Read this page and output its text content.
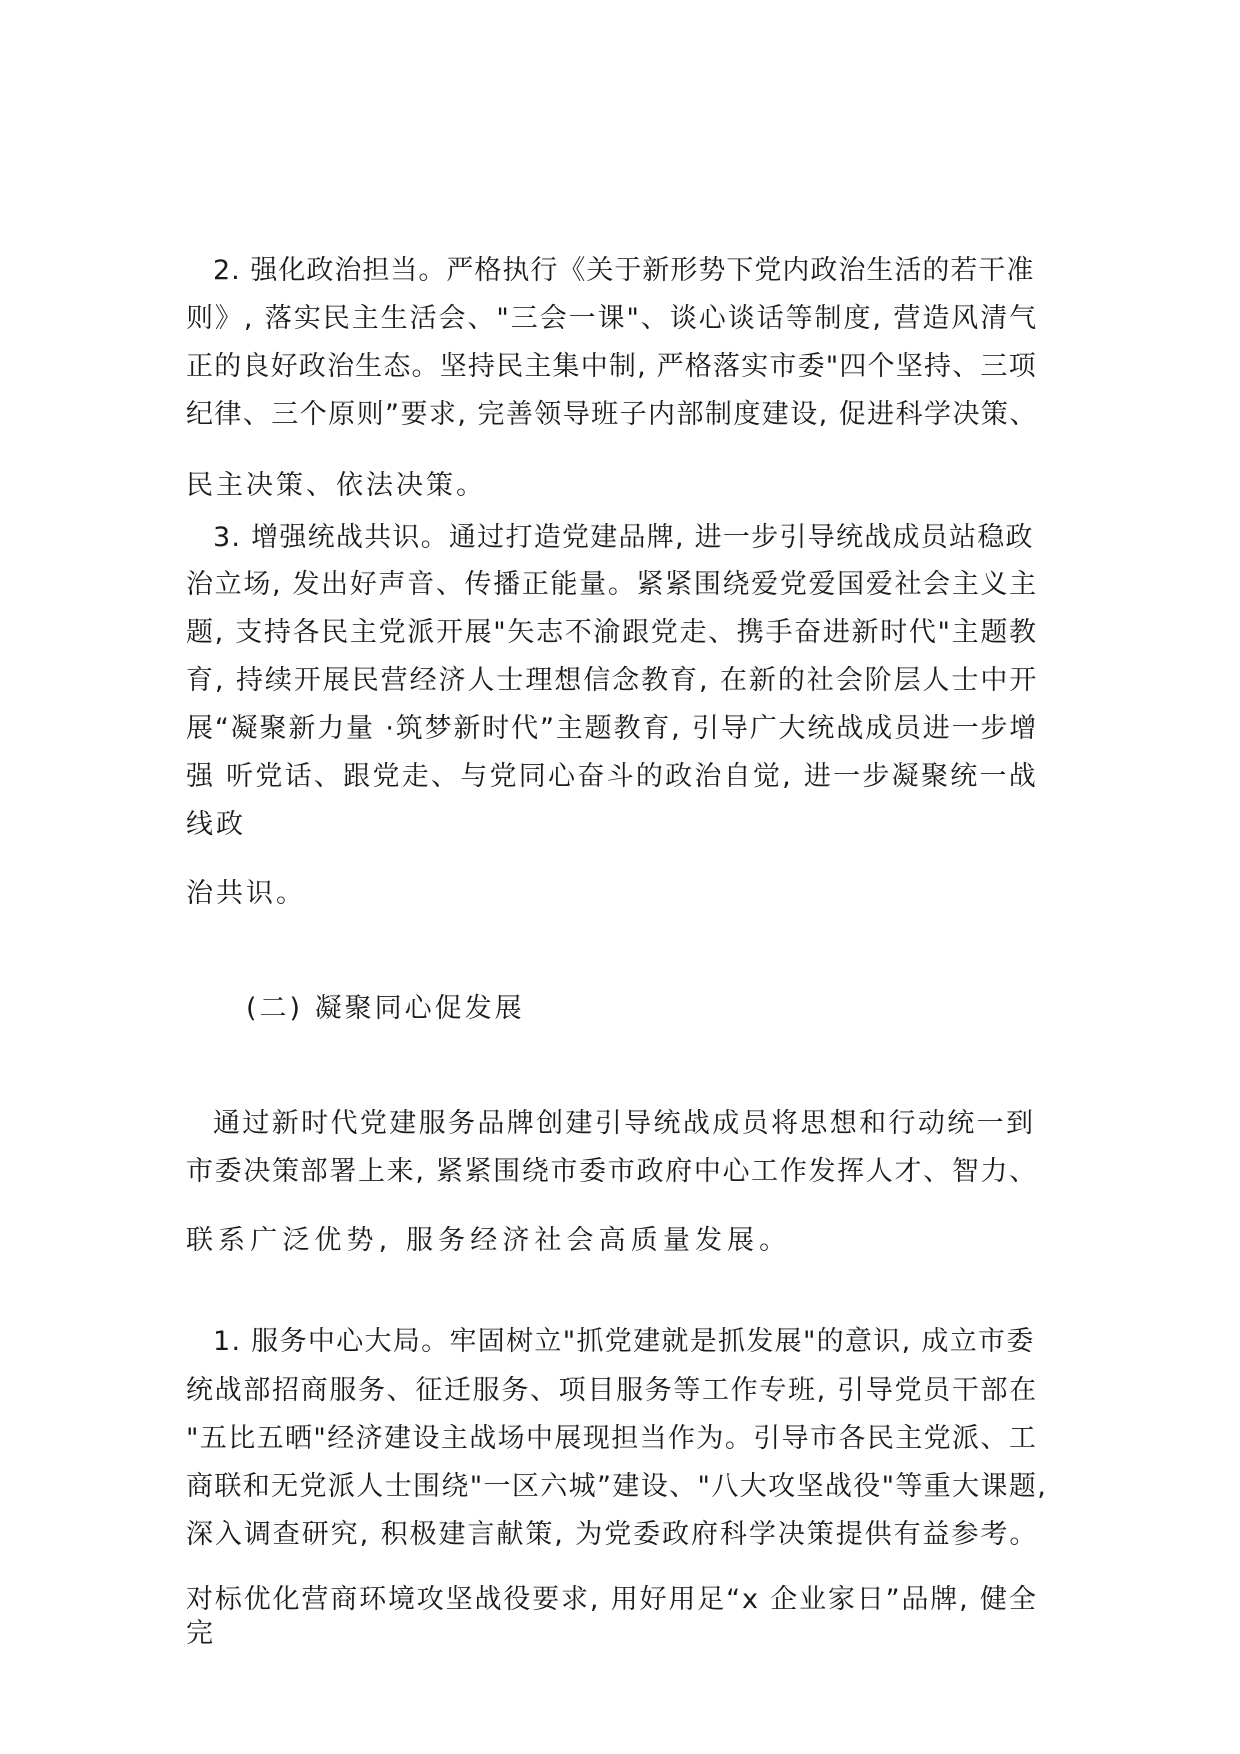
2. 强化政治担当。严格执行《关于新形势下党内政治生活的若干准

则》, 落实民主生活会、"三会一课"、谈心谈话等制度, 营造风清气

正的良好政治生态。坚持民主集中制, 严格落实市委"四个坚持、三项

纪律、三个原则”要求, 完善领导班子内部制度建设, 促进科学决策、

民主决策、依法决策。

3. 增强统战共识。通过打造党建品牌, 进一步引导统战成员站稳政

治立场, 发出好声音、传播正能量。紧紧围绕爱党爱国爱社会主义主

题, 支持各民主党派开展"矢志不渝跟党走、携手奋进新时代"主题教

育, 持续开展民营经济人士理想信念教育, 在新的社会阶层人士中开

展“凝聚新力量 ·筑梦新时代”主题教育, 引导广大统战成员进一步增

强 听党话、跟党走、与党同心奋斗的政治自觉, 进一步凝聚统一战

线政

治共识。

(二) 凝聚同心促发展

通过新时代党建服务品牌创建引导统战成员将思想和行动统一到

市委决策部署上来, 紧紧围绕市委市政府中心工作发挥人才、智力、

联系广泛优势, 服务经济社会高质量发展。

1. 服务中心大局。牢固树立"抓党建就是抓发展"的意识, 成立市委

统战部招商服务、征迁服务、项目服务等工作专班, 引导党员干部在

"五比五晒"经济建设主战场中展现担当作为。引导市各民主党派、工

商联和无党派人士围绕"一区六城”建设、"八大攻坚战役"等重大课题,

深入调查研究, 积极建言献策, 为党委政府科学决策提供有益参考。

对标优化营商环境攻坚战役要求, 用好用足“x 企业家日”品牌, 健全

完
